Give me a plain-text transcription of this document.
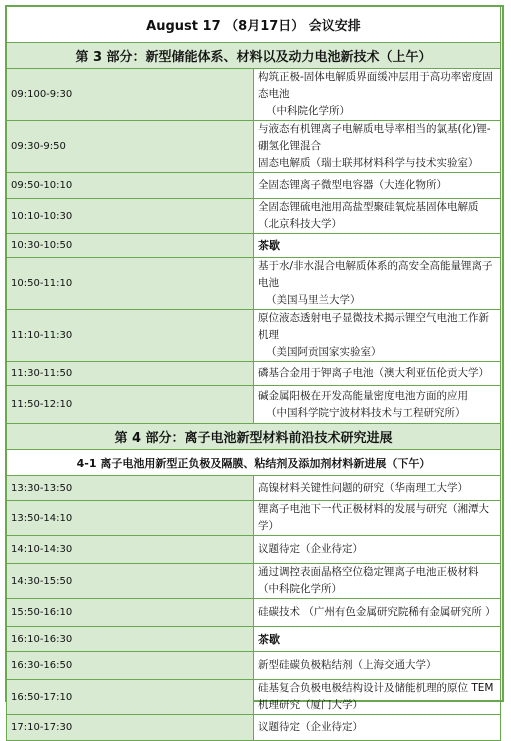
August 17 （8月17日） 会议安排	
第 3 部分：新型储能体系、材料以及动力电池新技术（上午）	
09:100-9:30	构筑正极-固体电解质界面缓冲层用于高功率密度固态电池
（中科院化学所）

09:30-9:50	与液态有机锂离子电解质电导率相当的氯基(化)锂-硼氢化锂混合
固态电解质（瑞士联邦材料科学与技术实验室）

09:50-10:10	全固态锂离子微型电容器（大连化物所）
10:10-10:30	全固态锂硫电池用高盐型聚硅氧烷基固体电解质（北京科技大学）
10:30-10:50	茶歇
10:50-11:10	基于水/非水混合电解质体系的高安全高能量锂离子电池
（美国马里兰大学）

11:10-11:30	原位液态透射电子显微技术揭示锂空气电池工作新机理
（美国阿贡国家实验室）

11:30-11:50	磷基合金用于钾离子电池（澳大利亚伍伦贡大学）
11:50-12:10	碱金属阳极在开发高能量密度电池方面的应用
（中国科学院宁波材料技术与工程研究所）

第 4 部分：离子电池新型材料前沿技术研究进展	
4-1 离子电池用新型正负极及隔膜、粘结剂及添加剂材料新进展（下午）	
13:30-13:50	高镍材料关键性问题的研究（华南理工大学）
13:50-14:10	锂离子电池下一代正极材料的发展与研究（湘潭大学）
14:10-14:30	议题待定（企业待定）
14:30-15:50	通过调控表面晶格空位稳定锂离子电池正极材料（中科院化学所）
15:50-16:10	硅碳技术 （广州有色金属研究院稀有金属研究所 ）
16:10-16:30	茶歇
16:30-16:50	新型硅碳负极粘结剂（上海交通大学）
16:50-17:10	硅基复合负极电极结构设计及储能机理的原位 TEM 机理研究（厦门大学）
17:10-17:30	议题待定（企业待定）
